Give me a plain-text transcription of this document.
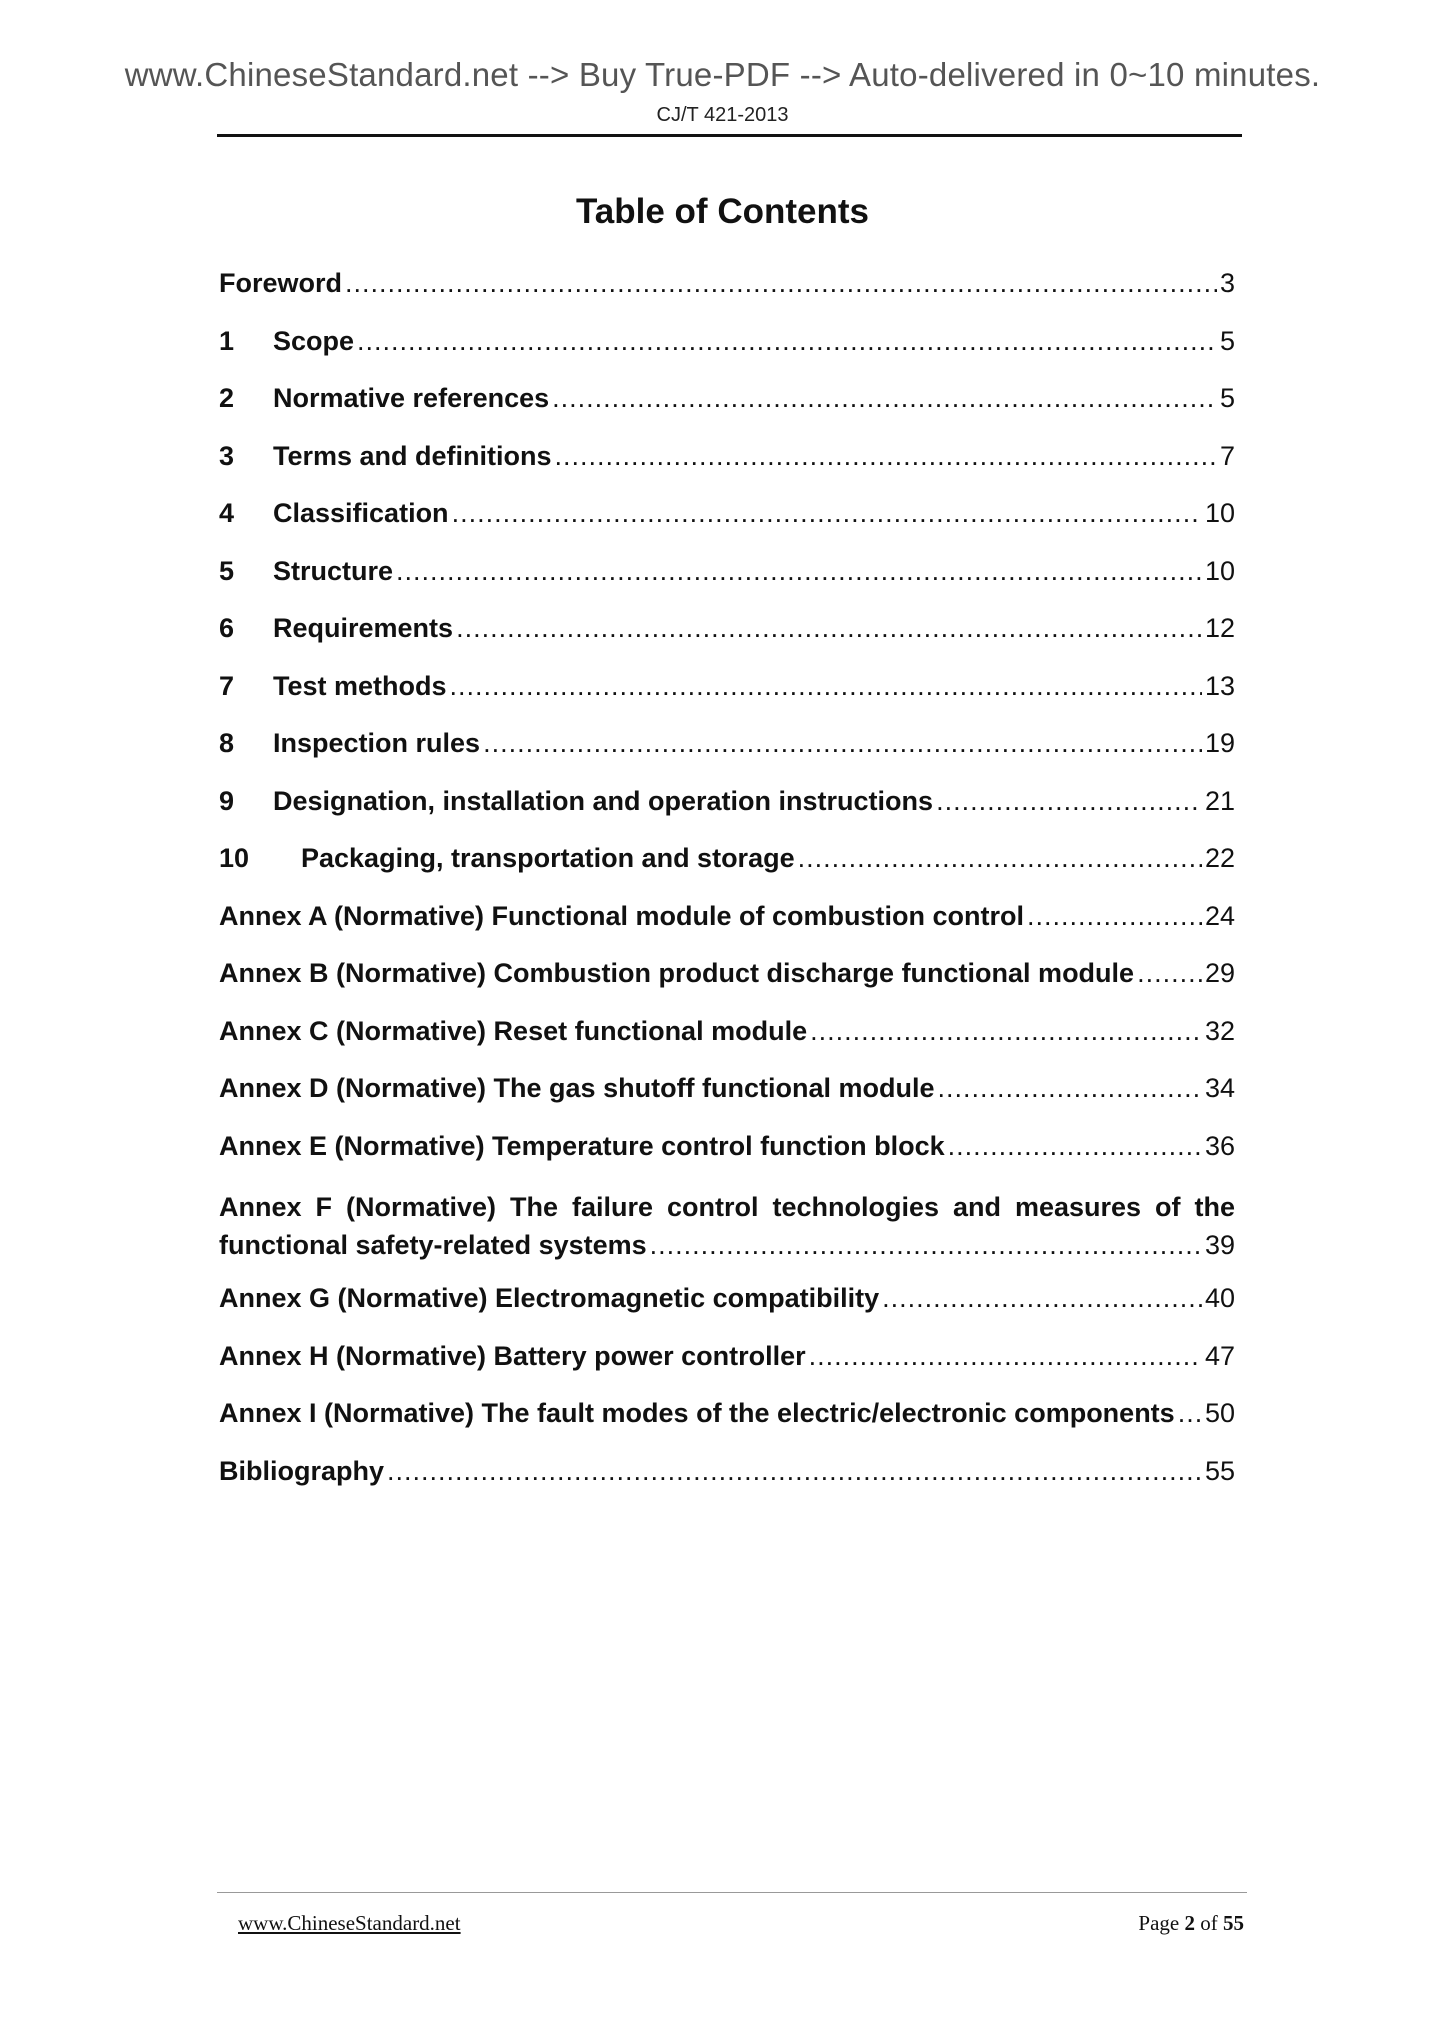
www.ChineseStandard.net --> Buy True-PDF --> Auto-delivered in 0~10 minutes.
CJ/T 421-2013
Table of Contents
Foreword .....	3
1	Scope .....	5
2	Normative references .....	5
3	Terms and definitions .....	7
4	Classification .....	10
5	Structure .....	10
6	Requirements .....	12
7	Test methods .....	13
8	Inspection rules .....	19
9	Designation, installation and operation instructions .....	21
10	Packaging, transportation and storage .....	22
Annex A (Normative) Functional module of combustion control .....	24
Annex B (Normative) Combustion product discharge functional module .....	29
Annex C (Normative) Reset functional module .....	32
Annex D (Normative) The gas shutoff functional module .....	34
Annex E (Normative) Temperature control function block .....	36
Annex F (Normative) The failure control technologies and measures of the
functional safety-related systems .....	39
Annex G (Normative) Electromagnetic compatibility .....	40
Annex H (Normative) Battery power controller .....	47
Annex I (Normative) The fault modes of the electric/electronic components ..... 50
Bibliography .....	55
www.ChineseStandard.net	Page 2 of 55
